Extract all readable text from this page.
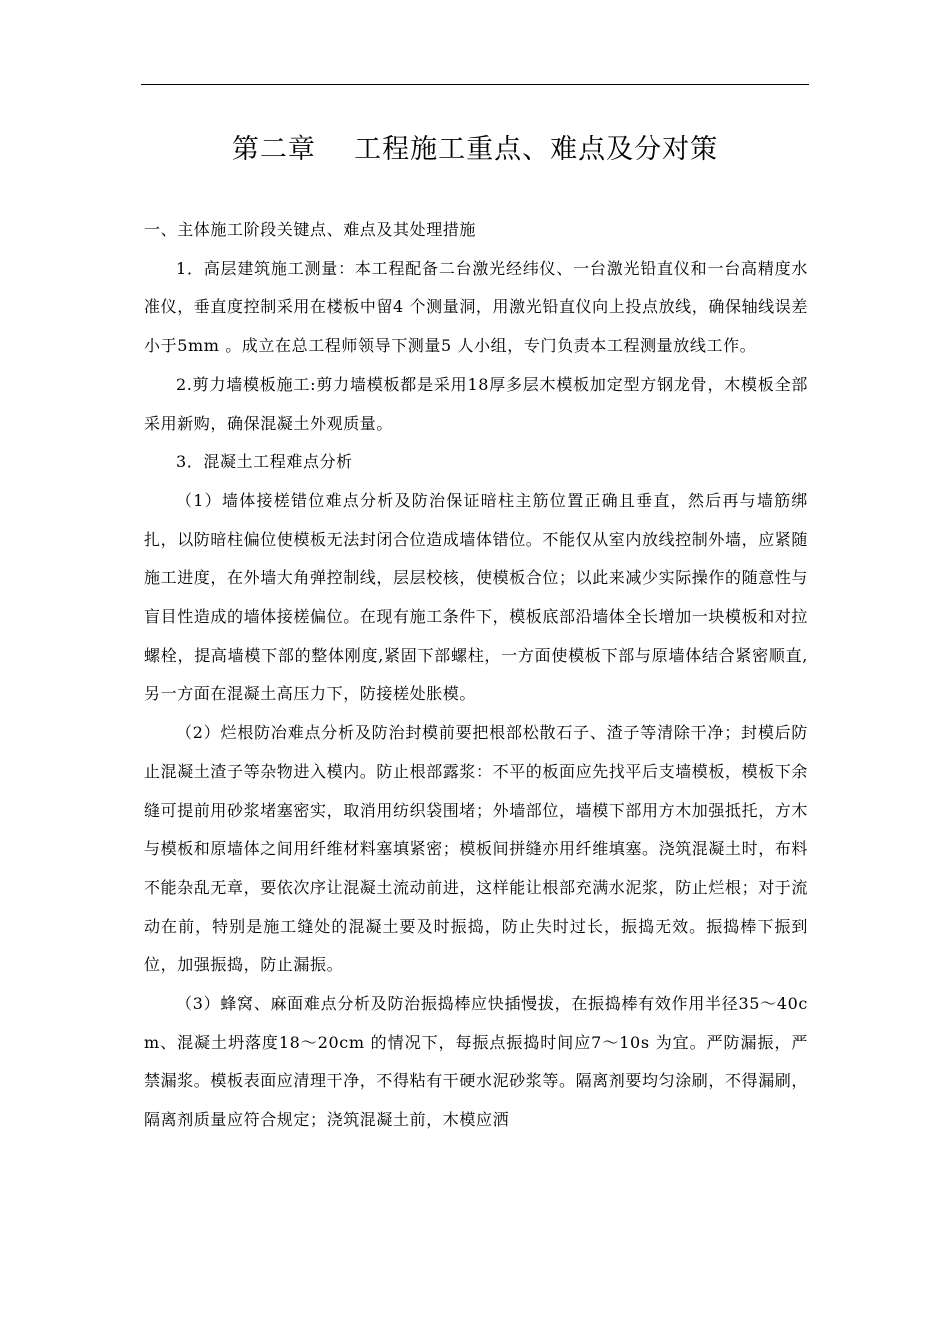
第二章    工程施工重点、难点及分对策

一、主体施工阶段关键点、难点及其处理措施

1．高层建筑施工测量：本工程配备二台激光经纬仪、一台激光铅直仪和一台高精度水准仪，垂直度控制采用在楼板中留4 个测量洞，用激光铅直仪向上投点放线，确保轴线误差小于5mm 。成立在总工程师领导下测量5 人小组，专门负责本工程测量放线工作。

2.剪力墙模板施工:剪力墙模板都是采用18厚多层木模板加定型方钢龙骨，木模板全部采用新购，确保混凝土外观质量。

3．混凝土工程难点分析

（1）墙体接槎错位难点分析及防治保证暗柱主筋位置正确且垂直，然后再与墙筋绑扎，以防暗柱偏位使模板无法封闭合位造成墙体错位。不能仅从室内放线控制外墙，应紧随施工进度，在外墙大角弹控制线，层层校核，使模板合位；以此来减少实际操作的随意性与盲目性造成的墙体接槎偏位。在现有施工条件下，模板底部沿墙体全长增加一块模板和对拉螺栓，提高墙模下部的整体刚度,紧固下部螺柱，一方面使模板下部与原墙体结合紧密顺直,另一方面在混凝土高压力下，防接槎处胀模。

（2）烂根防冶难点分析及防治封模前要把根部松散石子、渣子等清除干净；封模后防止混凝土渣子等杂物进入模内。防止根部露浆：不平的板面应先找平后支墙模板，模板下余缝可提前用砂浆堵塞密实，取消用纺织袋围堵；外墙部位，墙模下部用方木加强抵托，方木与模板和原墙体之间用纤维材料塞填紧密；模板间拼缝亦用纤维填塞。浇筑混凝土时，布料不能杂乱无章，要依次序让混凝土流动前进，这样能让根部充满水泥浆，防止烂根；对于流动在前，特别是施工缝处的混凝土要及时振捣，防止失时过长，振捣无效。振捣棒下振到位，加强振捣，防止漏振。

（3）蜂窝、麻面难点分析及防治振捣棒应快插慢拔，在振捣棒有效作用半径35～40cm、混凝土坍落度18～20cm 的情况下，每振点振捣时间应7～10s 为宜。严防漏振，严禁漏浆。模板表面应清理干净，不得粘有干硬水泥砂浆等。隔离剂要均匀涂刷，不得漏刷，隔离剂质量应符合规定；浇筑混凝土前，木模应洒
